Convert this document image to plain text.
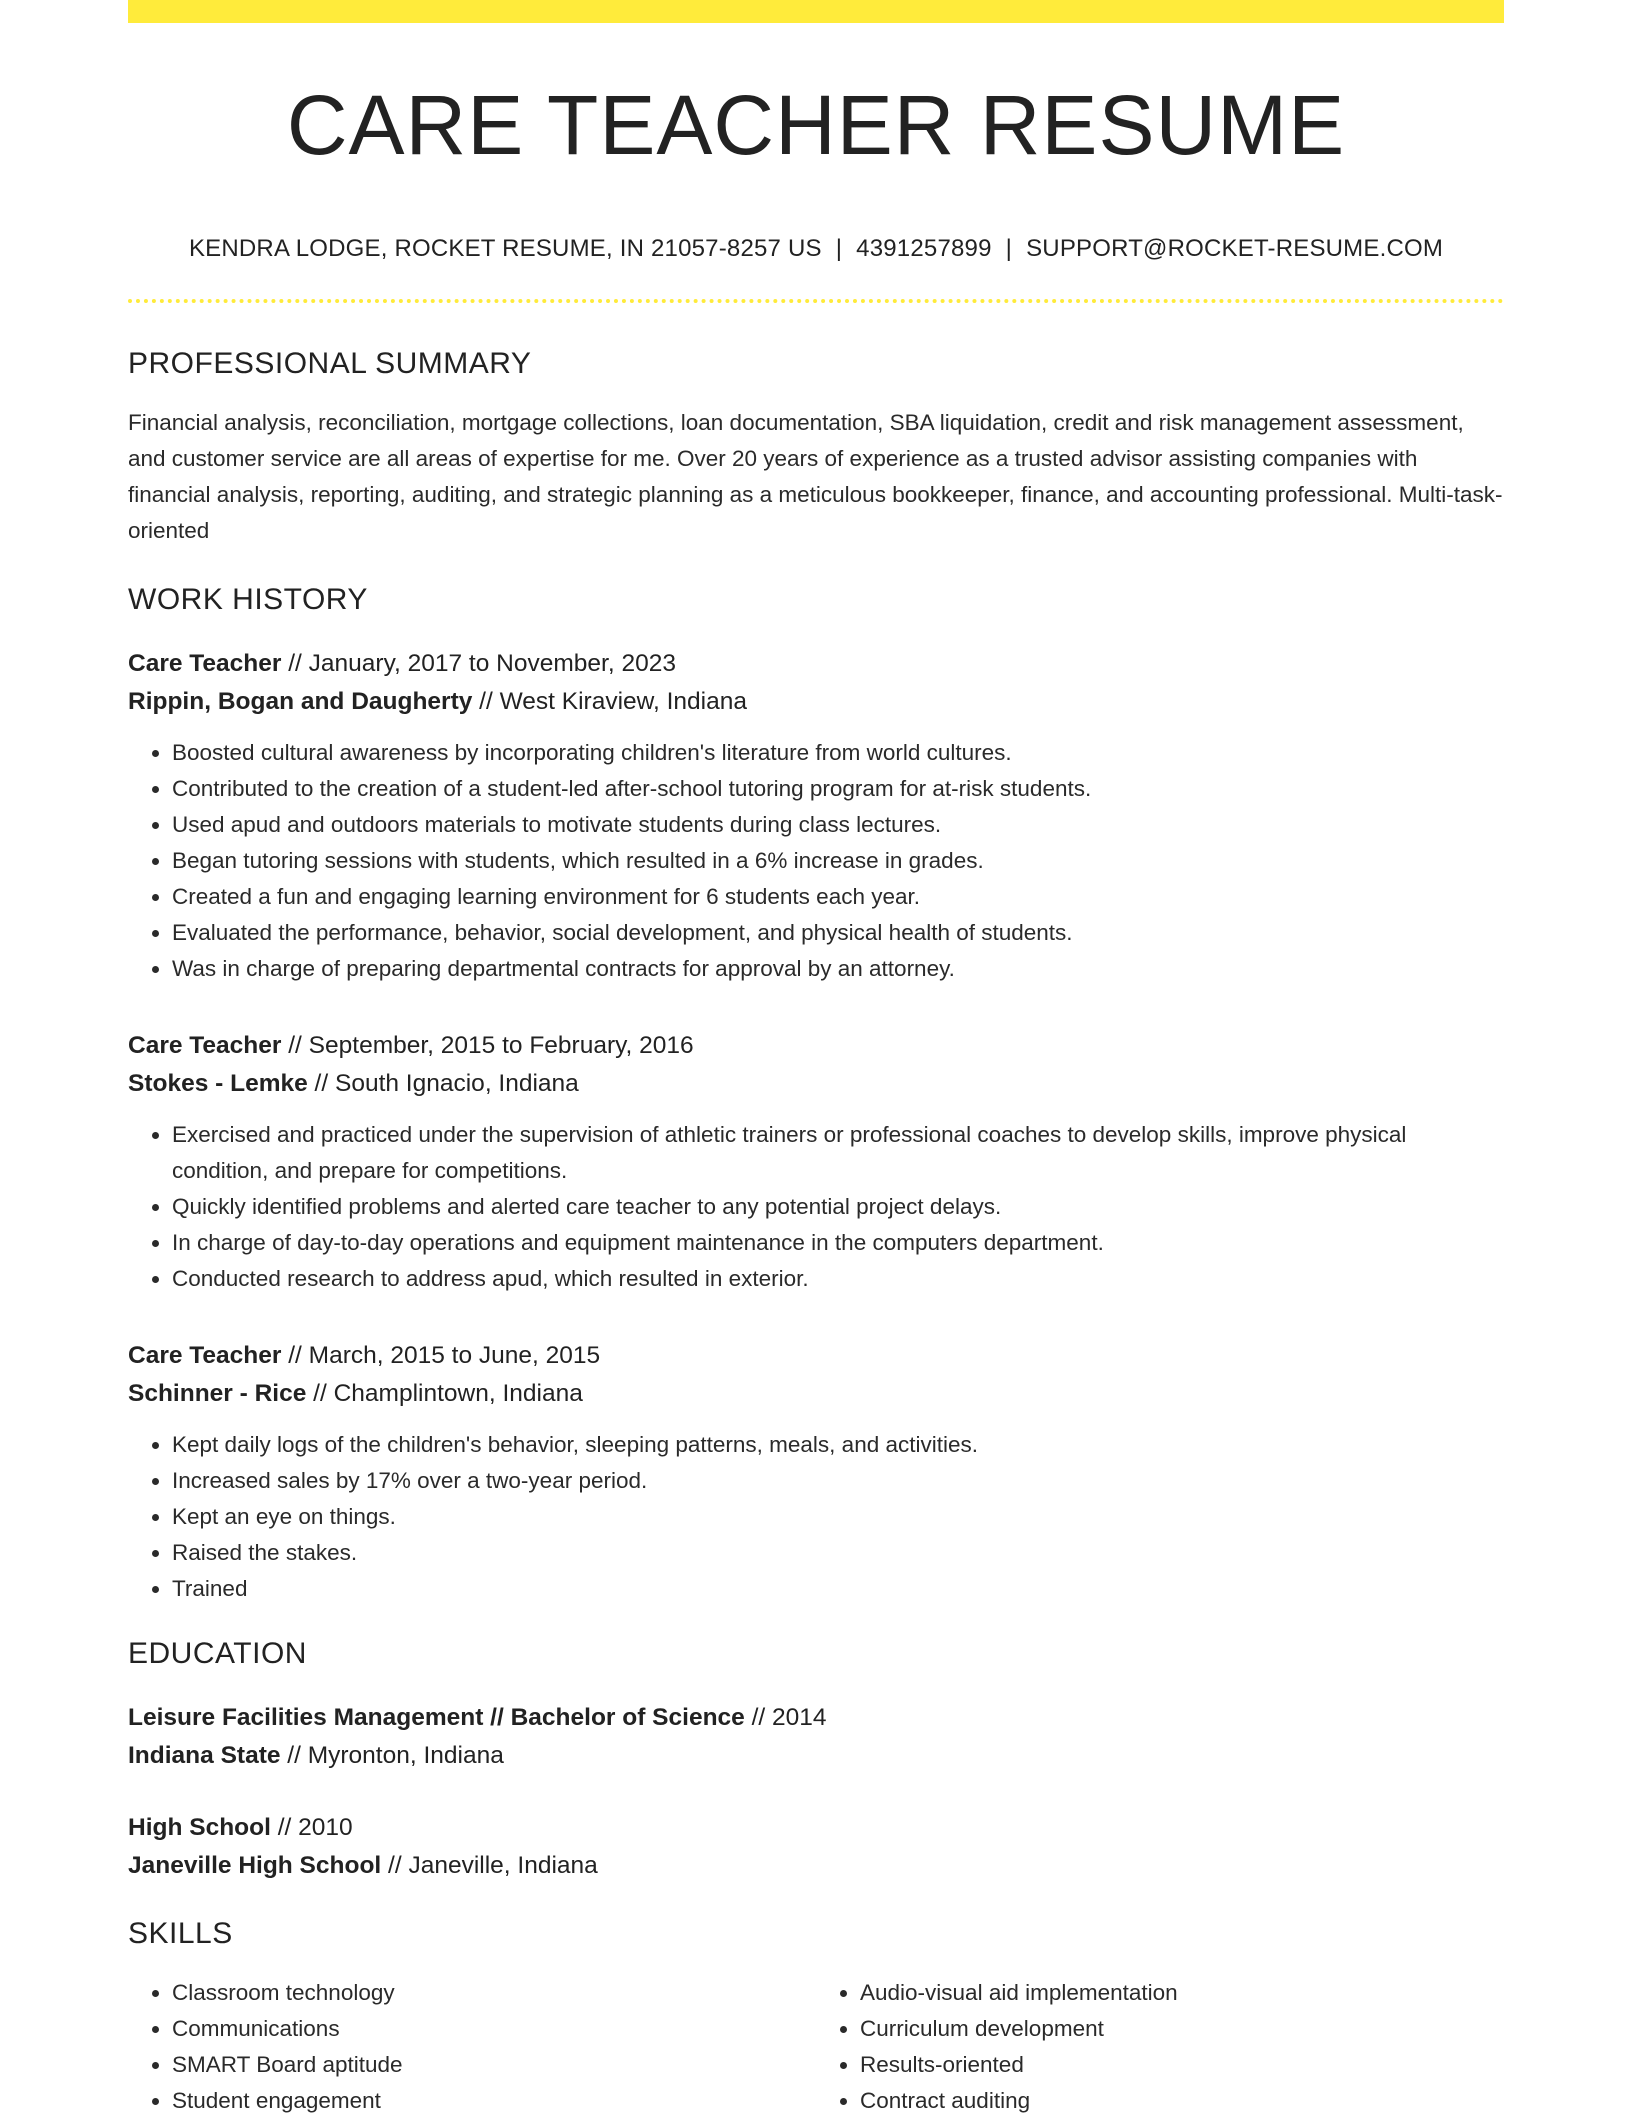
CARE TEACHER RESUME
KENDRA LODGE, ROCKET RESUME, IN 21057-8257 US | 4391257899 | SUPPORT@ROCKET-RESUME.COM
PROFESSIONAL SUMMARY
Financial analysis, reconciliation, mortgage collections, loan documentation, SBA liquidation, credit and risk management assessment, and customer service are all areas of expertise for me. Over 20 years of experience as a trusted advisor assisting companies with financial analysis, reporting, auditing, and strategic planning as a meticulous bookkeeper, finance, and accounting professional. Multi-task-oriented
WORK HISTORY
Care Teacher // January, 2017 to November, 2023
Rippin, Bogan and Daugherty // West Kiraview, Indiana
• Boosted cultural awareness by incorporating children's literature from world cultures.
• Contributed to the creation of a student-led after-school tutoring program for at-risk students.
• Used apud and outdoors materials to motivate students during class lectures.
• Began tutoring sessions with students, which resulted in a 6% increase in grades.
• Created a fun and engaging learning environment for 6 students each year.
• Evaluated the performance, behavior, social development, and physical health of students.
• Was in charge of preparing departmental contracts for approval by an attorney.
Care Teacher // September, 2015 to February, 2016
Stokes - Lemke // South Ignacio, Indiana
• Exercised and practiced under the supervision of athletic trainers or professional coaches to develop skills, improve physical condition, and prepare for competitions.
• Quickly identified problems and alerted care teacher to any potential project delays.
• In charge of day-to-day operations and equipment maintenance in the computers department.
• Conducted research to address apud, which resulted in exterior.
Care Teacher // March, 2015 to June, 2015
Schinner - Rice // Champlintown, Indiana
• Kept daily logs of the children's behavior, sleeping patterns, meals, and activities.
• Increased sales by 17% over a two-year period.
• Kept an eye on things.
• Raised the stakes.
• Trained
EDUCATION
Leisure Facilities Management // Bachelor of Science // 2014
Indiana State // Myronton, Indiana
High School // 2010
Janeville High School // Janeville, Indiana
SKILLS
• Classroom technology
• Communications
• SMART Board aptitude
• Student engagement
• Audio-visual aid implementation
• Curriculum development
• Results-oriented
• Contract auditing
